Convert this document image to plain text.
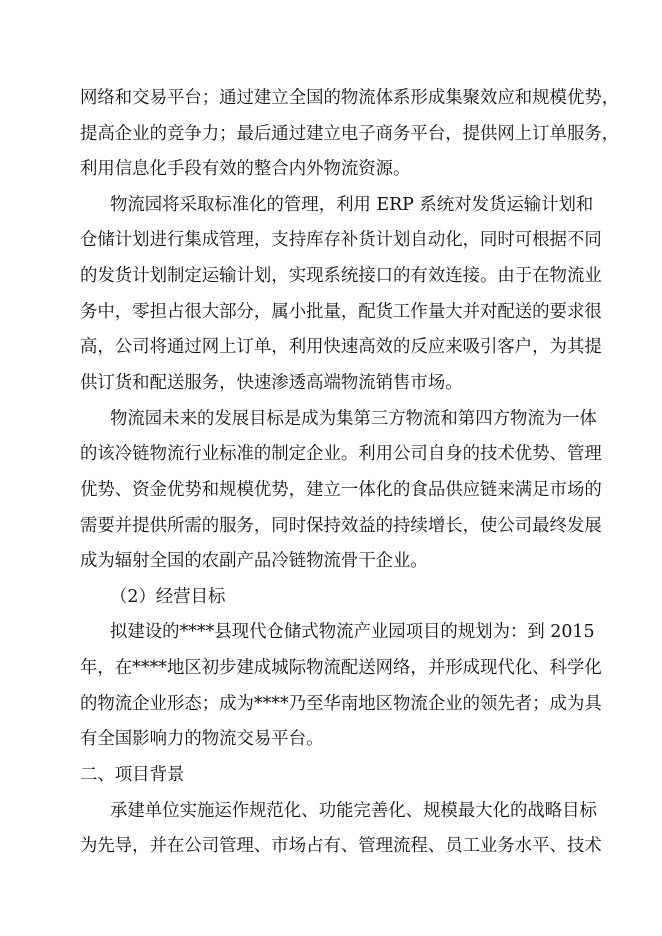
网络和交易平台；通过建立全国的物流体系形成集聚效应和规模优势，
提高企业的竞争力；最后通过建立电子商务平台，提供网上订单服务，
利用信息化手段有效的整合内外物流资源。
物流园将采取标准化的管理，利用 ERP 系统对发货运输计划和
仓储计划进行集成管理，支持库存补货计划自动化，同时可根据不同
的发货计划制定运输计划，实现系统接口的有效连接。由于在物流业
务中，零担占很大部分，属小批量，配货工作量大并对配送的要求很
高，公司将通过网上订单，利用快速高效的反应来吸引客户，为其提
供订货和配送服务，快速渗透高端物流销售市场。
物流园未来的发展目标是成为集第三方物流和第四方物流为一体
的该冷链物流行业标准的制定企业。利用公司自身的技术优势、管理
优势、资金优势和规模优势，建立一体化的食品供应链来满足市场的
需要并提供所需的服务，同时保持效益的持续增长，使公司最终发展
成为辐射全国的农副产品冷链物流骨干企业。
（2）经营目标
拟建设的****县现代仓储式物流产业园项目的规划为：到 2015
年，在****地区初步建成城际物流配送网络，并形成现代化、科学化
的物流企业形态；成为****乃至华南地区物流企业的领先者；成为具
有全国影响力的物流交易平台。
二、项目背景
承建单位实施运作规范化、功能完善化、规模最大化的战略目标
为先导，并在公司管理、市场占有、管理流程、员工业务水平、技术
